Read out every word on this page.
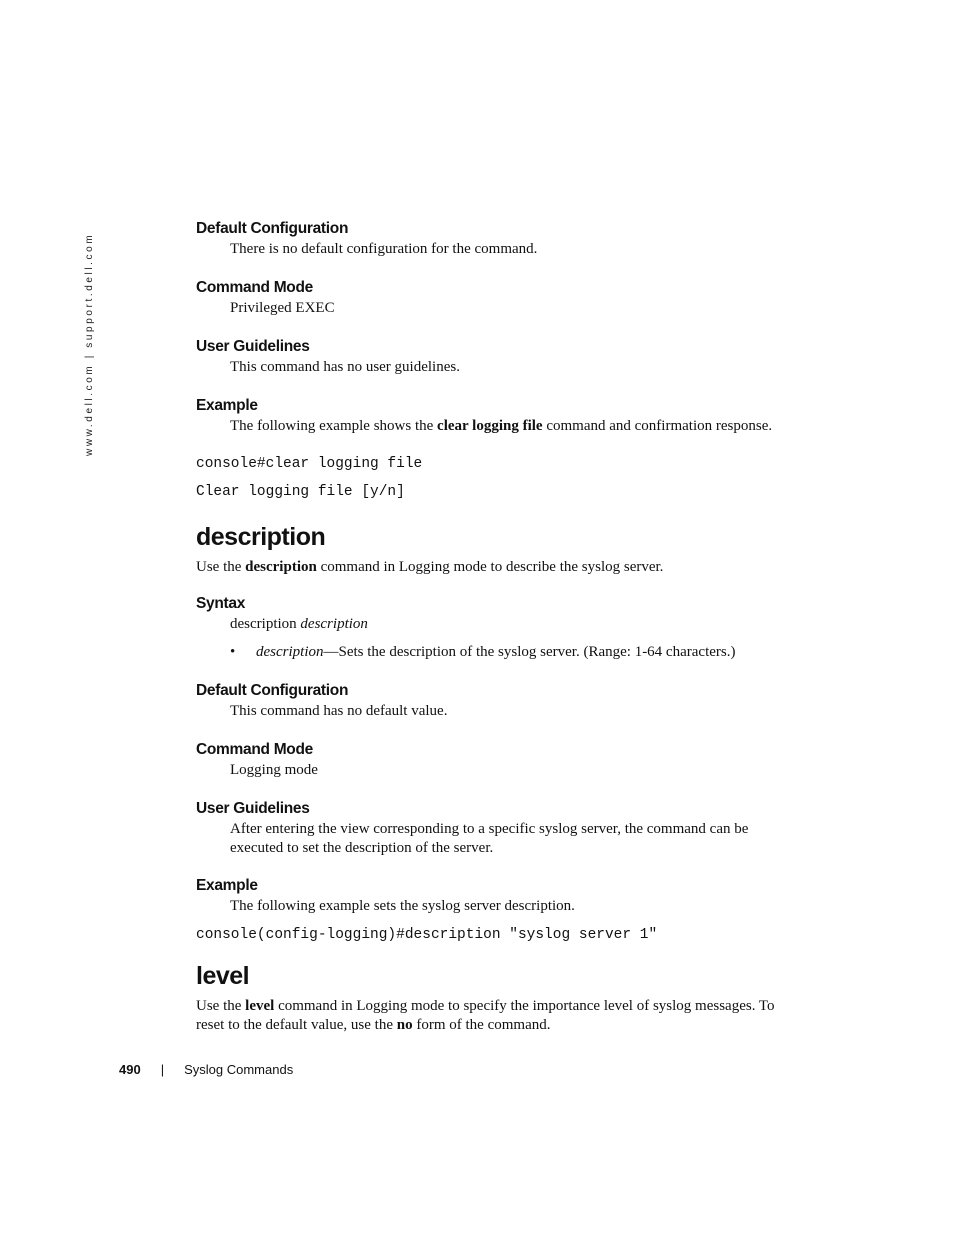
www.dell.com | support.dell.com

Default Configuration

There is no default configuration for the command.

Command Mode

Privileged EXEC

User Guidelines

This command has no user guidelines.

Example

The following example shows the clear logging file command and confirmation response.

console#clear logging file

Clear logging file [y/n]

description

Use the description command in Logging mode to describe the syslog server.

Syntax

description description

•	description—Sets the description of the syslog server. (Range: 1-64 characters.)

Default Configuration

This command has no default value.

Command Mode

Logging mode

User Guidelines

After entering the view corresponding to a specific syslog server, the command can be

executed to set the description of the server.

Example

The following example sets the syslog server description.

console(config-logging)#description "syslog server 1"

level

Use the level command in Logging mode to specify the importance level of syslog messages. To

reset to the default value, use the no form of the command.

490 | Syslog Commands
